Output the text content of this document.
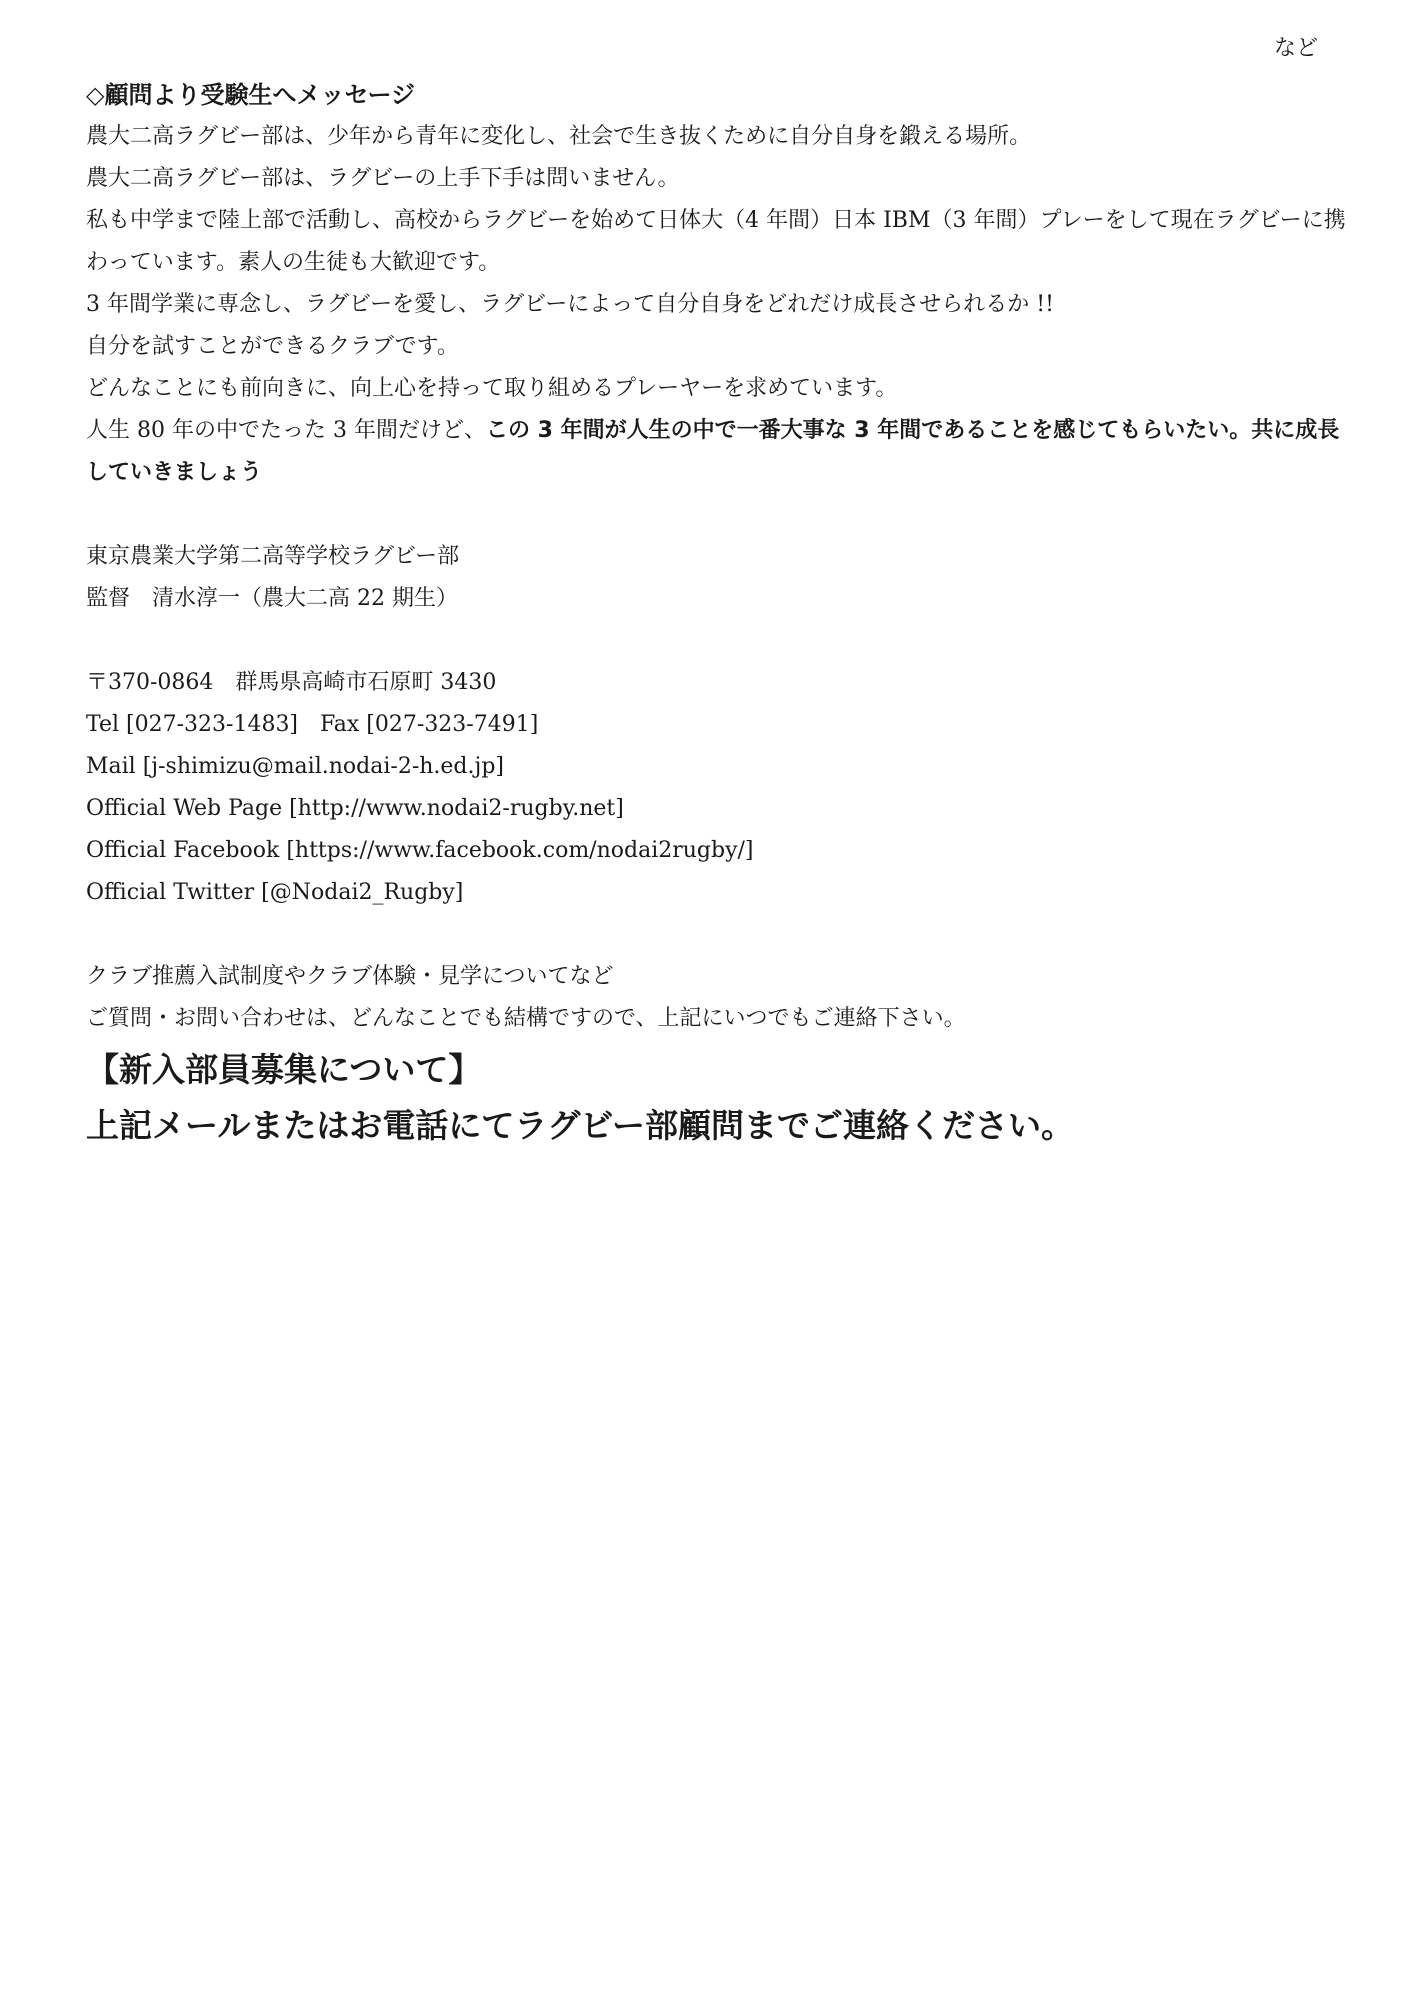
など

◇顧問より受験生へメッセージ

農大二高ラグビー部は、少年から青年に変化し、社会で生き抜くために自分自身を鍛える場所。

農大二高ラグビー部は、ラグビーの上手下手は問いません。

私も中学まで陸上部で活動し、高校からラグビーを始めて日体大（4 年間）日本 IBM（3 年間）プレーをして現在ラグビーに携わっています。素人の生徒も大歓迎です。

3 年間学業に専念し、ラグビーを愛し、ラグビーによって自分自身をどれだけ成長させられるか !!

自分を試すことができるクラブです。

どんなことにも前向きに、向上心を持って取り組めるプレーヤーを求めています。

人生 80 年の中でたった 3 年間だけど、この 3 年間が人生の中で一番大事な 3 年間であることを感じてもらいたい。共に成長していきましょう

東京農業大学第二高等学校ラグビー部

監督　清水淳一（農大二高 22 期生）

〒370-0864　群馬県高崎市石原町 3430

Tel [027-323-1483]　Fax [027-323-7491]

Mail [j-shimizu@mail.nodai-2-h.ed.jp]

Official Web Page [http://www.nodai2-rugby.net]

Official Facebook [https://www.facebook.com/nodai2rugby/]

Official Twitter [@Nodai2_Rugby]

クラブ推薦入試制度やクラブ体験・見学についてなど

ご質問・お問い合わせは、どんなことでも結構ですので、上記にいつでもご連絡下さい。

【新入部員募集について】

上記メールまたはお電話にてラグビー部顧問までご連絡ください。
